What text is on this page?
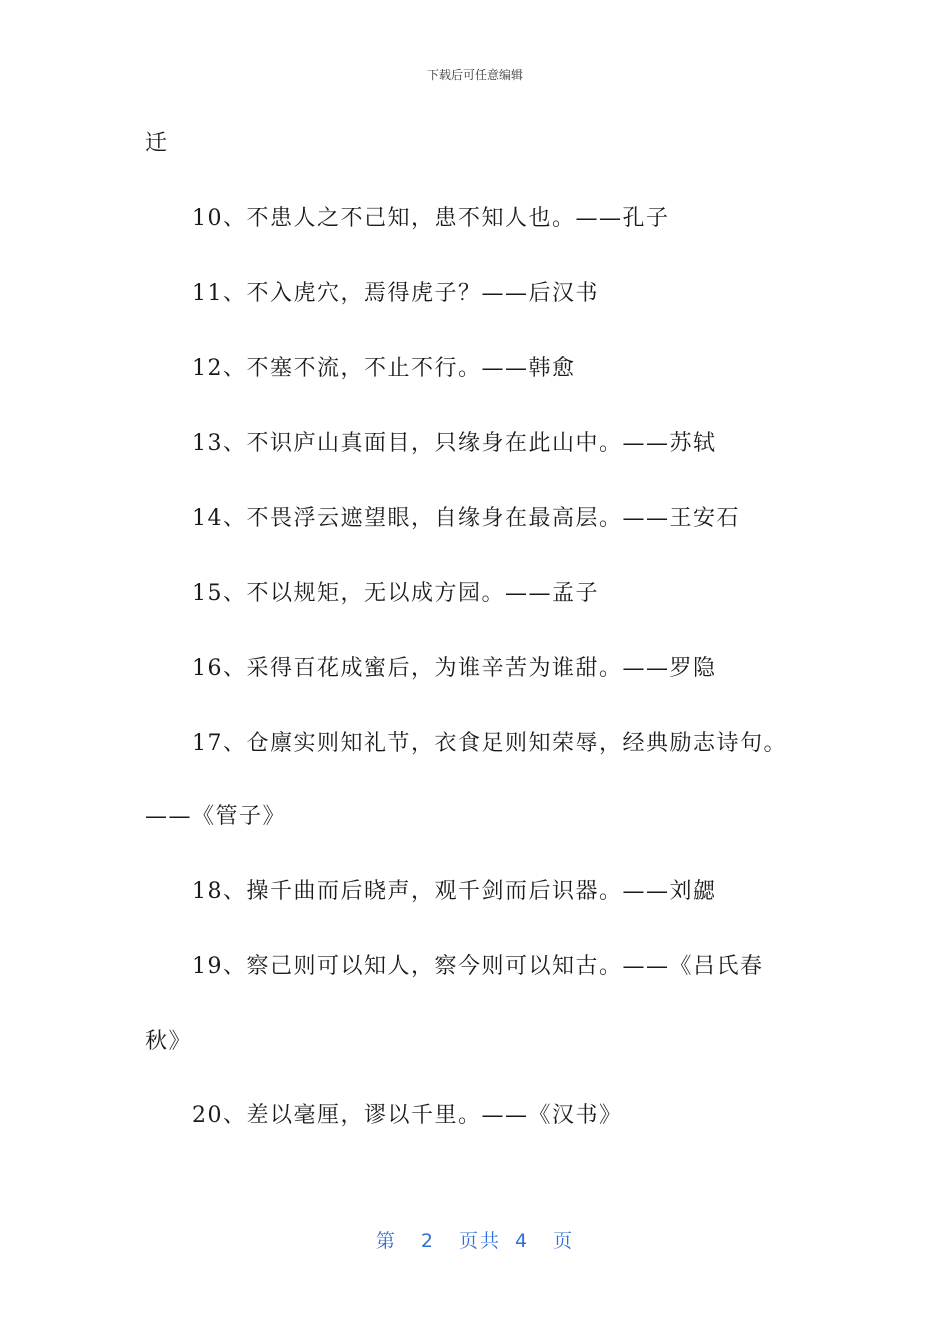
下载后可任意编辑
迁
10、不患人之不己知，患不知人也。——孔子
11、不入虎穴，焉得虎子？——后汉书
12、不塞不流，不止不行。——韩愈
13、不识庐山真面目，只缘身在此山中。——苏轼
14、不畏浮云遮望眼，自缘身在最高层。——王安石
15、不以规矩，无以成方园。——孟子
16、采得百花成蜜后，为谁辛苦为谁甜。——罗隐
17、仓廪实则知礼节，衣食足则知荣辱，经典励志诗句。
——《管子》
18、操千曲而后晓声，观千剑而后识器。——刘勰
19、察己则可以知人，察今则可以知古。——《吕氏春
秋》
20、差以毫厘，谬以千里。——《汉书》
第 2 页共 4 页
